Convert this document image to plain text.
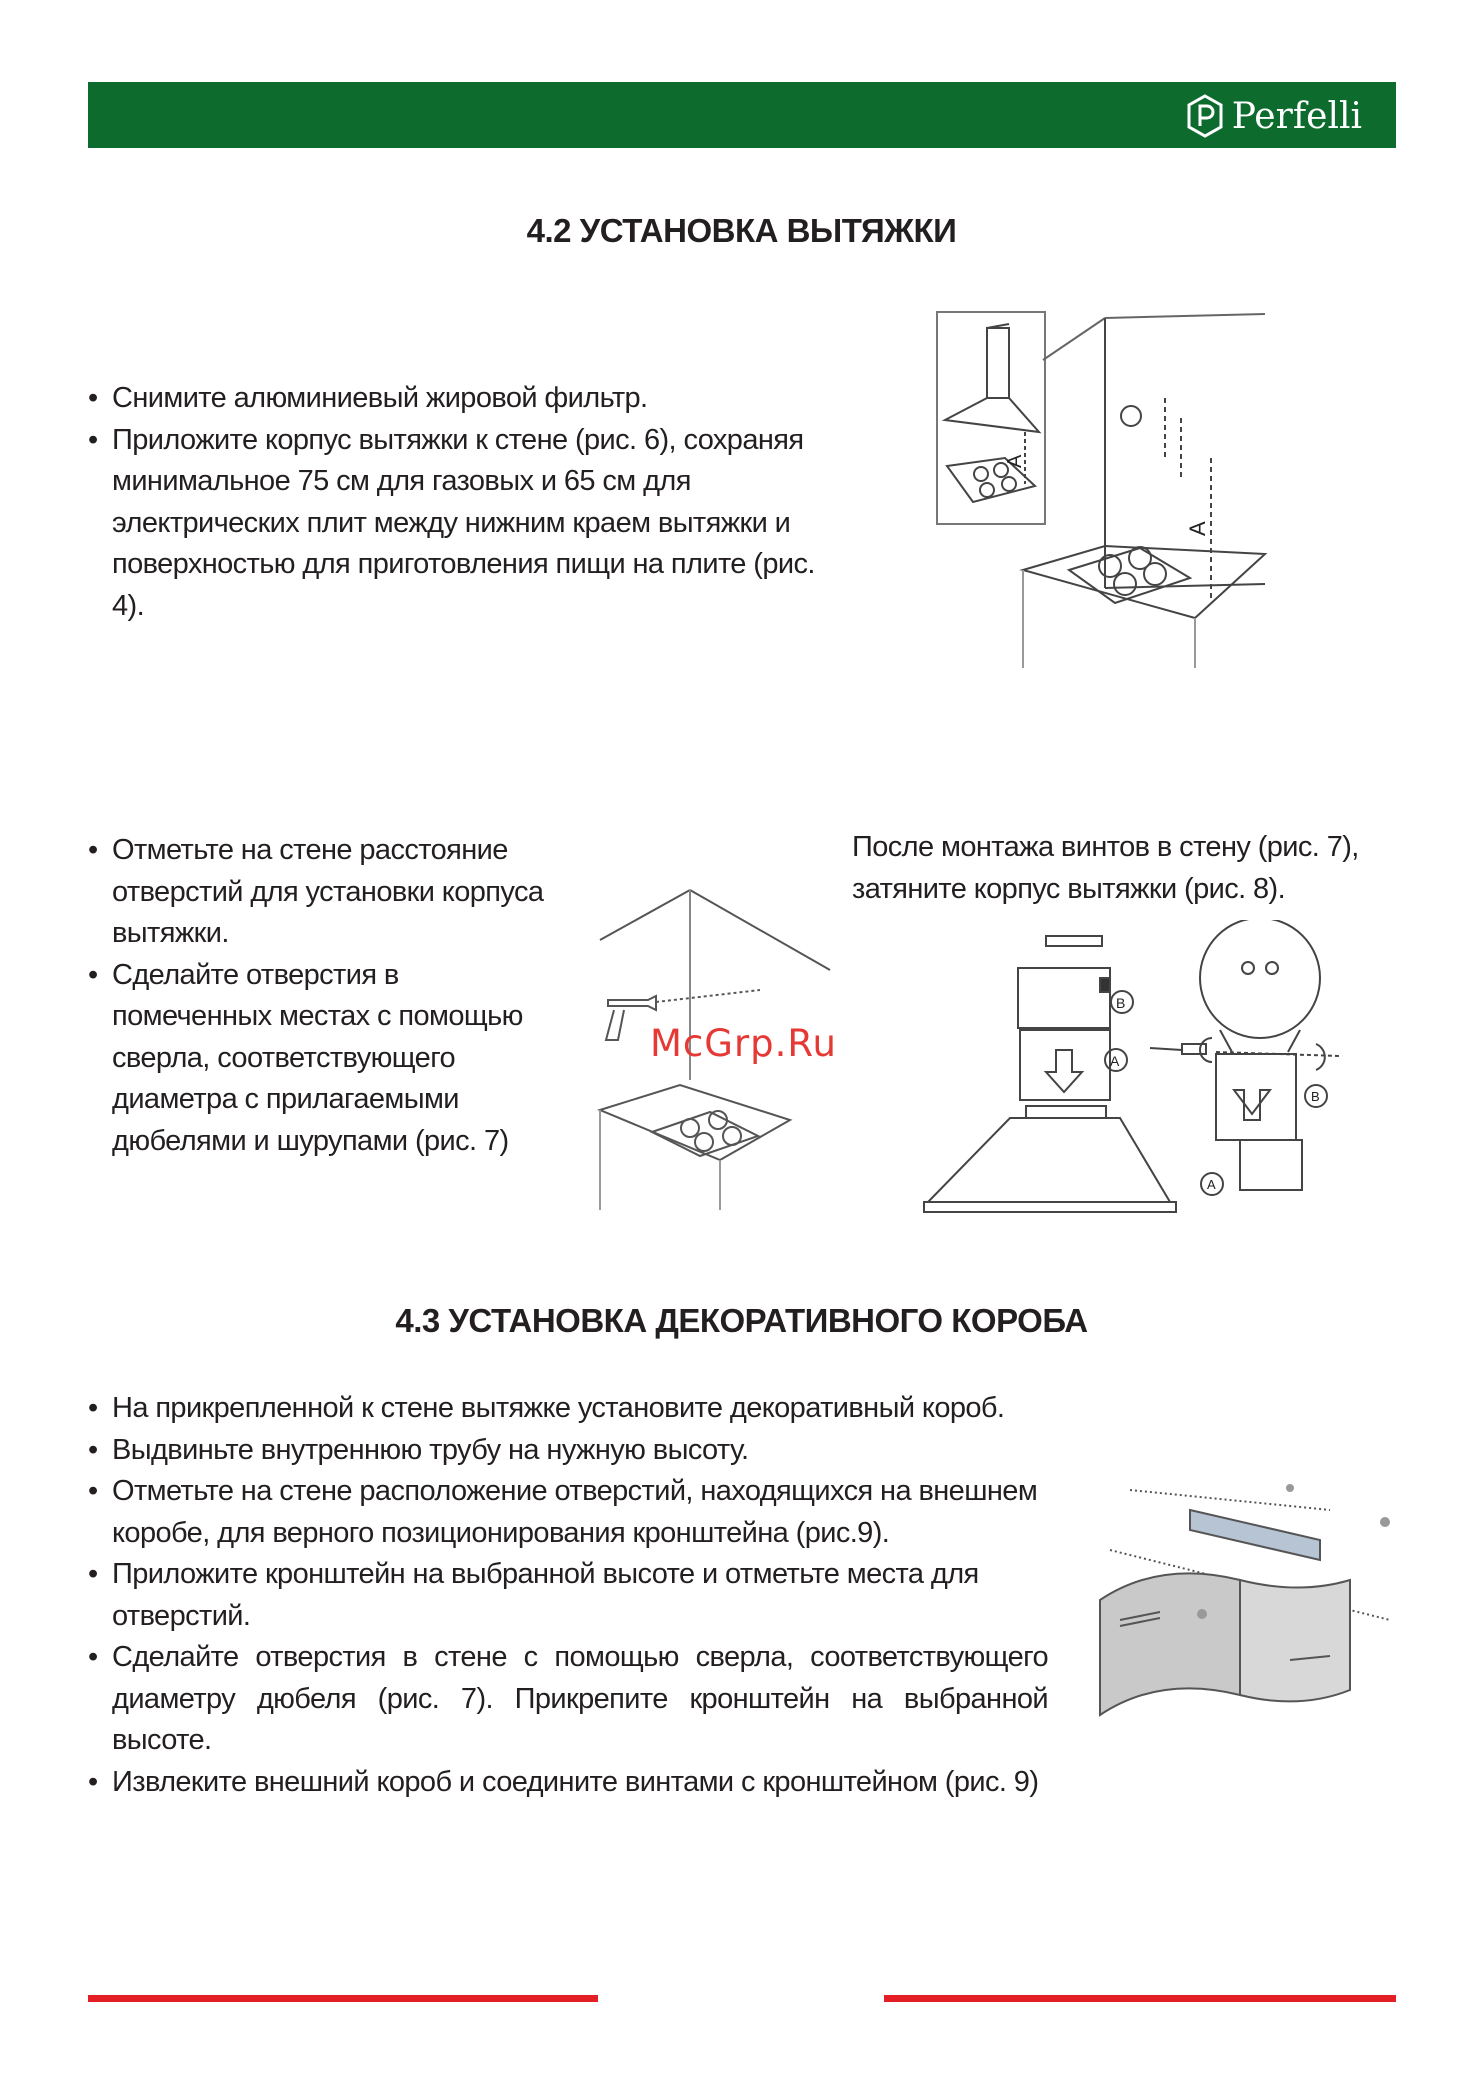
Perfelli
4.2 УСТАНОВКА ВЫТЯЖКИ
• Снимите алюминиевый жировой фильтр.
• Приложите корпус вытяжки к стене (рис. 6), сохраняя минимальное 75 см для газовых и 65 см для электрических плит между нижним краем вытяжки и поверхностью для приготовления пищи на плите (рис. 4).
A
A
• Отметьте на стене расстояние отверстий для установки корпуса вытяжки.
• Сделайте отверстия в помеченных местах с помощью сверла, соответствующего диаметра с прилагаемыми дюбелями и шурупами (рис. 7)
McGrp.Ru

После монтажа винтов в стену (рис. 7), затяните корпус вытяжки (рис. 8).

B
A
B
A
4.3 УСТАНОВКА ДЕКОРАТИВНОГО КОРОБА
• На прикрепленной к стене вытяжке установите декоративный короб.
• Выдвиньте внутреннюю трубу на нужную высоту.
• Отметьте на стене расположение отверстий, находящихся на внешнем коробе, для верного позиционирования кронштейна (рис.9).
• Приложите кронштейн на выбранной высоте и отметьте места для отверстий.
• Сделайте отверстия в стене с помощью сверла, соответствующего диаметру дюбеля (рис. 7). Прикрепите кронштейн на выбранной высоте.
• Извлеките внешний короб и соедините винтами с кронштейном (рис. 9)
